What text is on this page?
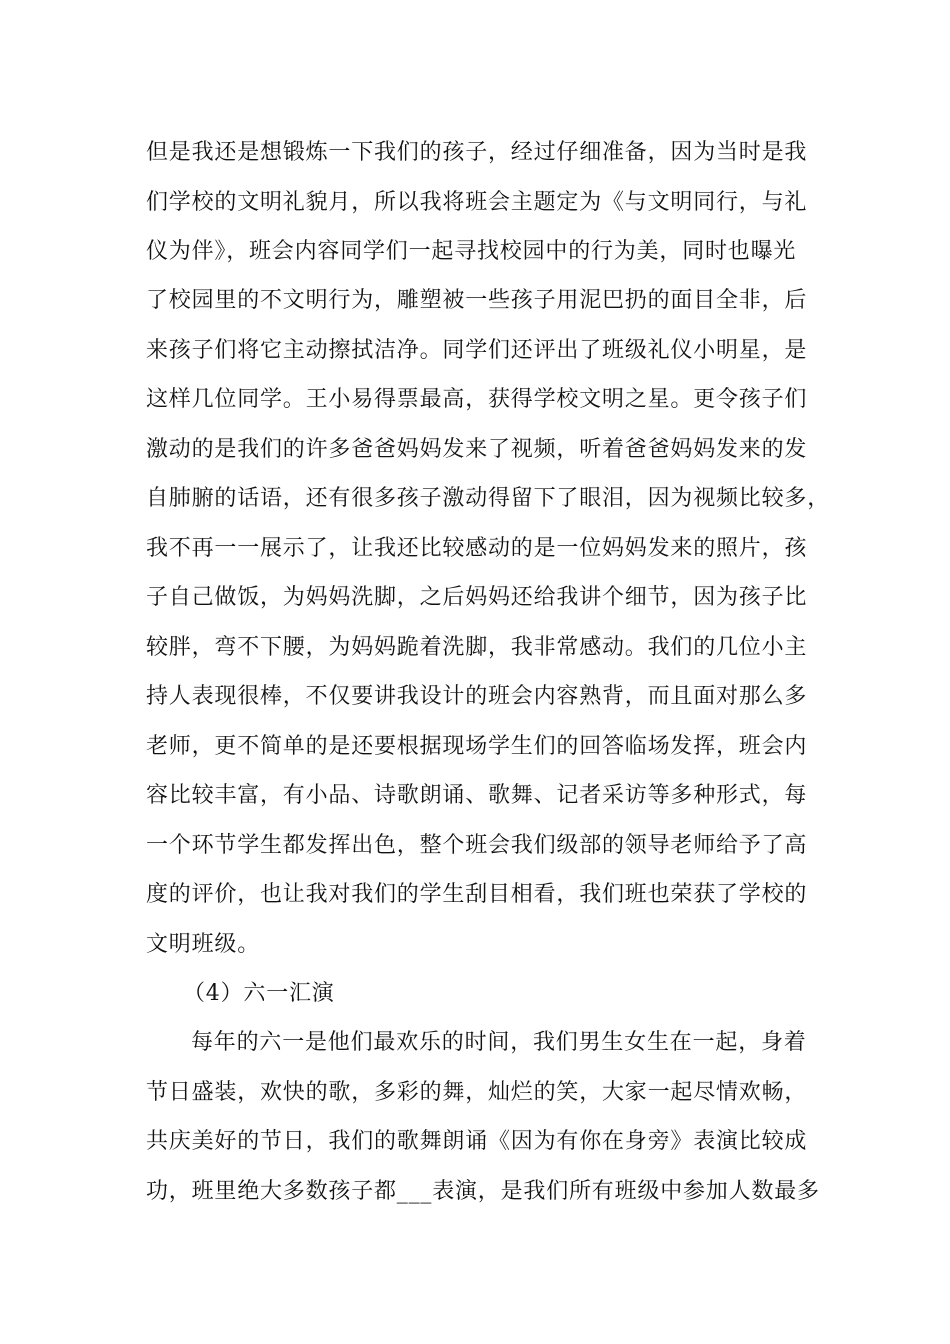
但是我还是想锻炼一下我们的孩子，经过仔细准备，因为当时是我
们学校的文明礼貌月，所以我将班会主题定为《与文明同行，与礼
仪为伴》，班会内容同学们一起寻找校园中的行为美，同时也曝光
了校园里的不文明行为，雕塑被一些孩子用泥巴扔的面目全非，后
来孩子们将它主动擦拭洁净。同学们还评出了班级礼仪小明星，是
这样几位同学。王小易得票最高，获得学校文明之星。更令孩子们
激动的是我们的许多爸爸妈妈发来了视频，听着爸爸妈妈发来的发
自肺腑的话语，还有很多孩子激动得留下了眼泪，因为视频比较多，
我不再一一展示了，让我还比较感动的是一位妈妈发来的照片，孩
子自己做饭，为妈妈洗脚，之后妈妈还给我讲个细节，因为孩子比
较胖，弯不下腰，为妈妈跪着洗脚，我非常感动。我们的几位小主
持人表现很棒，不仅要讲我设计的班会内容熟背，而且面对那么多
老师，更不简单的是还要根据现场学生们的回答临场发挥，班会内
容比较丰富，有小品、诗歌朗诵、歌舞、记者采访等多种形式，每
一个环节学生都发挥出色，整个班会我们级部的领导老师给予了高
度的评价，也让我对我们的学生刮目相看，我们班也荣获了学校的
文明班级。
（4）六一汇演
每年的六一是他们最欢乐的时间，我们男生女生在一起，身着
节日盛装，欢快的歌，多彩的舞，灿烂的笑，大家一起尽情欢畅，
共庆美好的节日，我们的歌舞朗诵《因为有你在身旁》表演比较成
功，班里绝大多数孩子都___表演，是我们所有班级中参加人数最多
